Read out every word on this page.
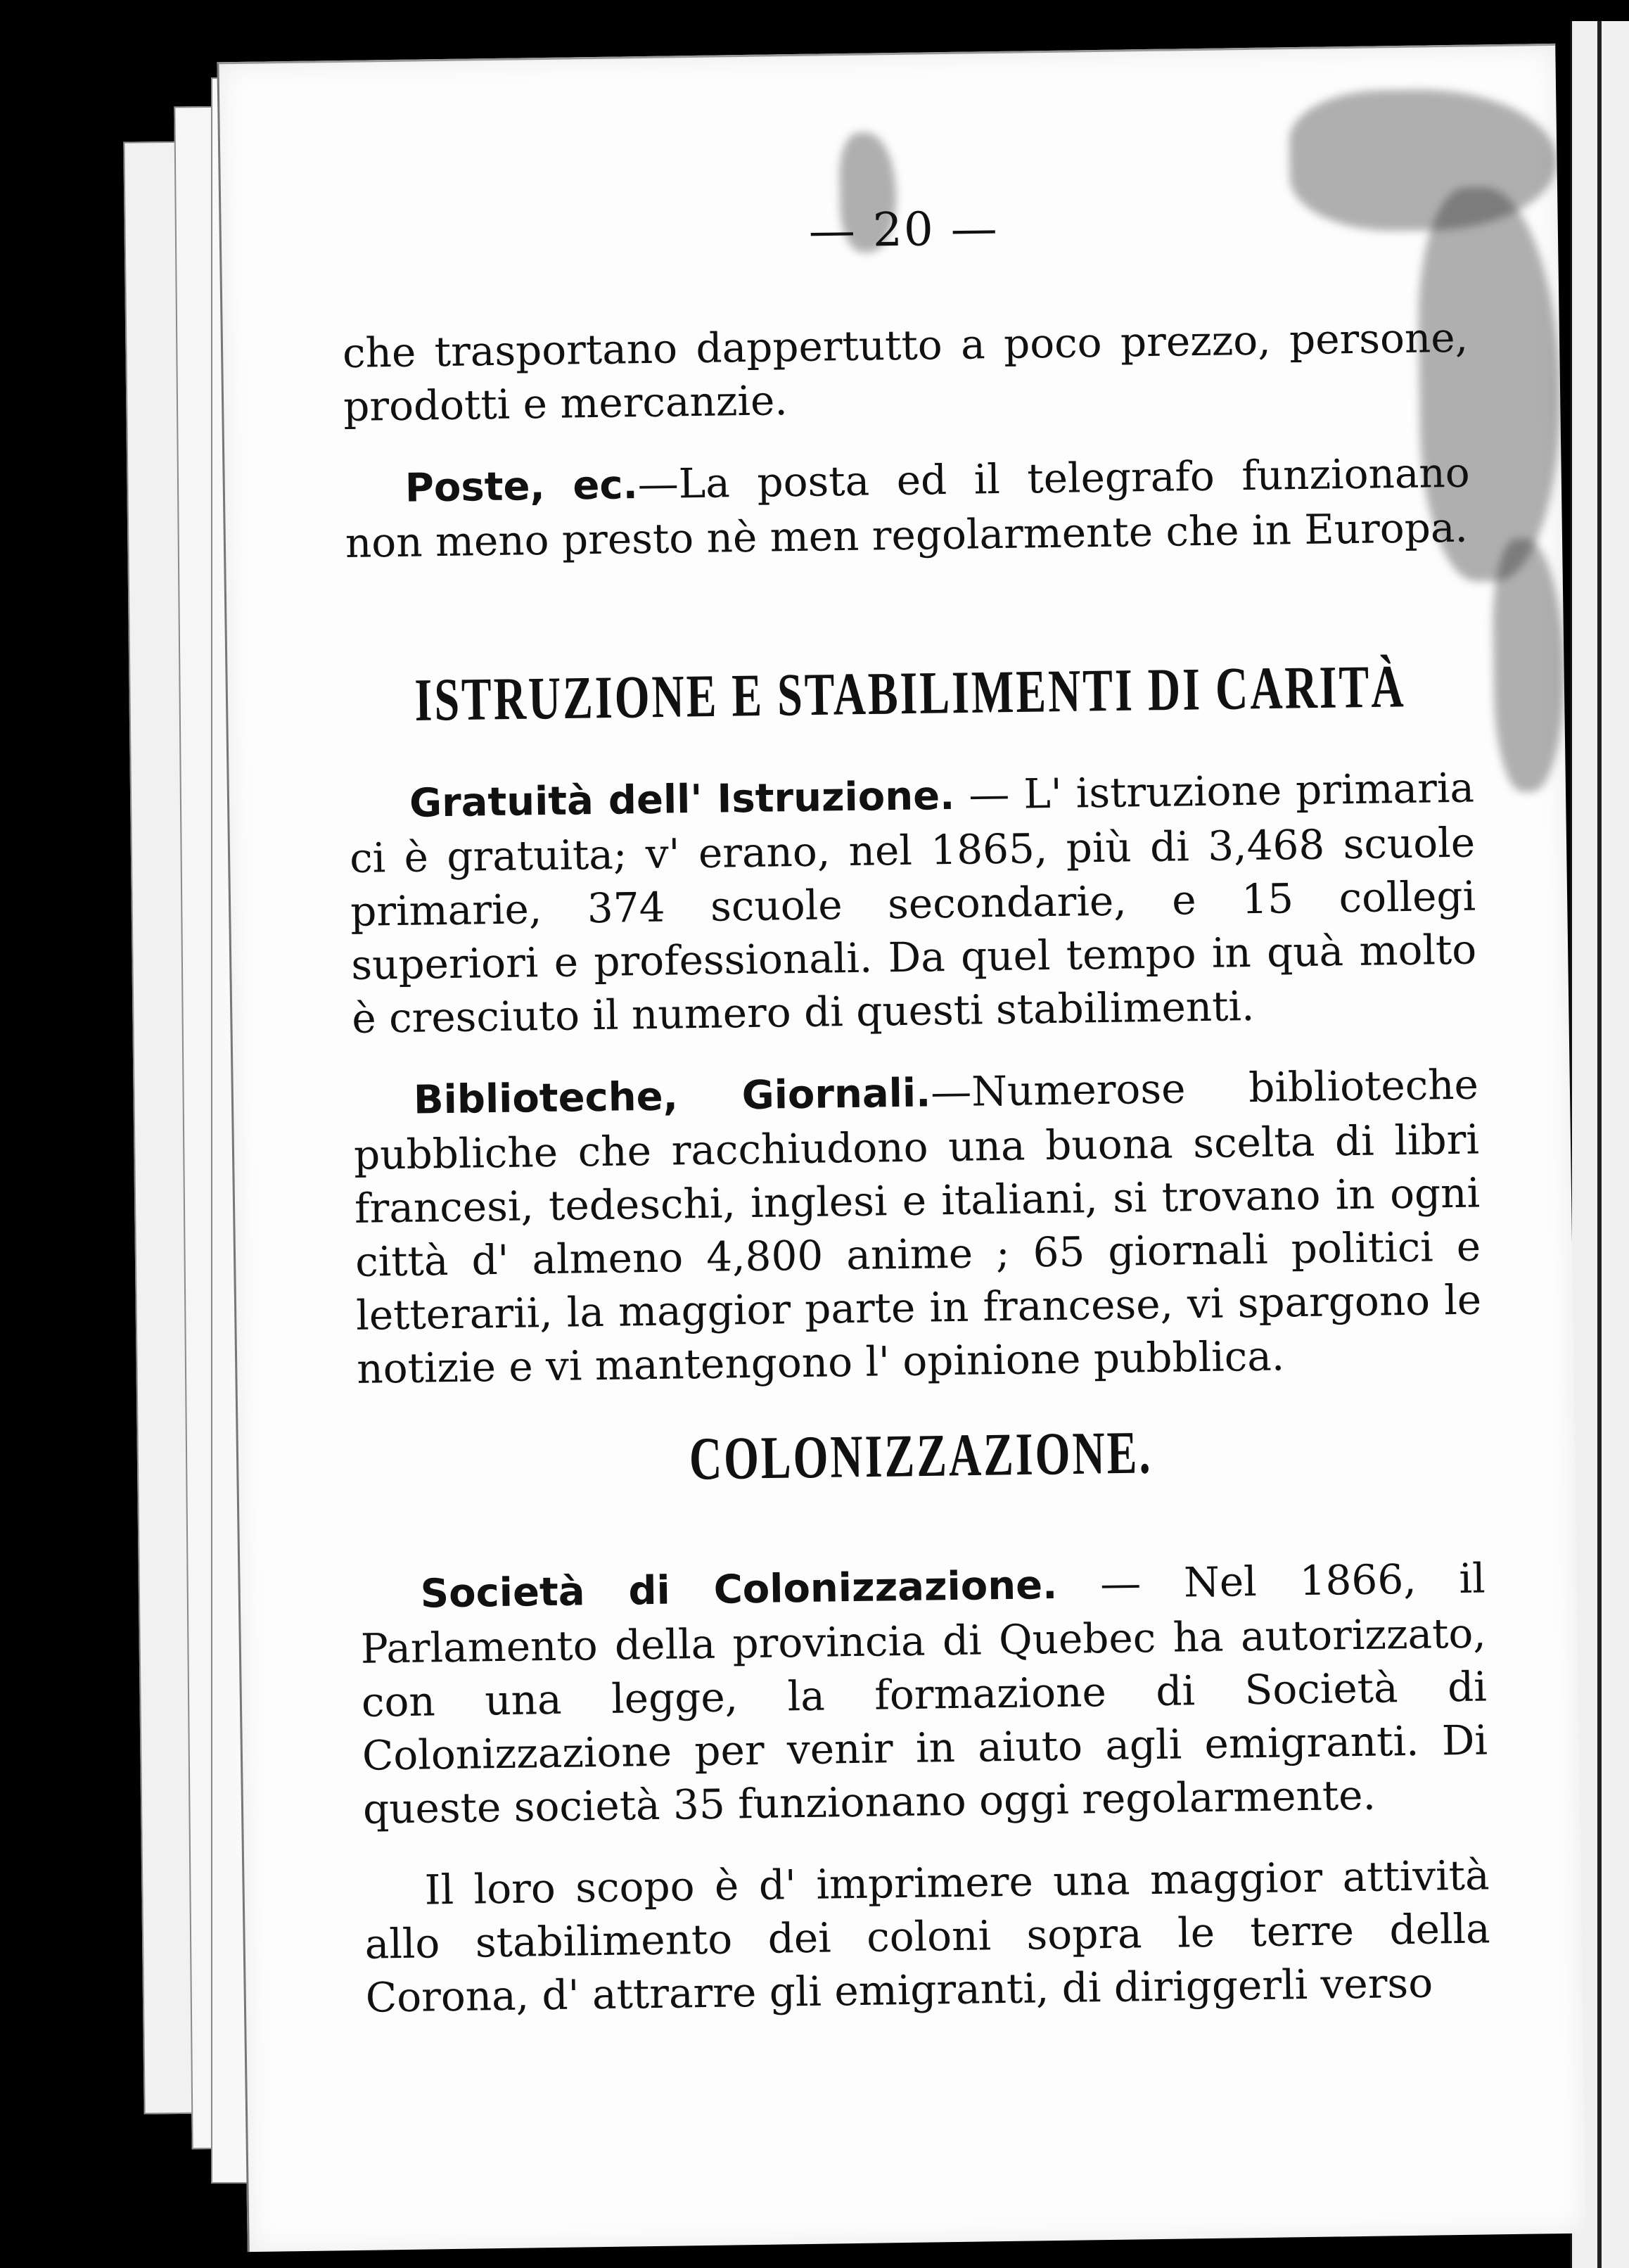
— 20 —

che trasportano dappertutto a poco prezzo, persone, prodotti e mercanzie.

Poste, ec.—La posta ed il telegrafo funzionano non meno presto nè men regolarmente che in Europa.

ISTRUZIONE E STABILIMENTI DI CARITÀ

Gratuità dell' Istruzione. — L' istruzione primaria ci è gratuita; v' erano, nel 1865, più di 3,468 scuole primarie, 374 scuole secondarie, e 15 collegi superiori e professionali. Da quel tempo in quà molto è cresciuto il numero di questi stabilimenti.

Biblioteche, Giornali.—Numerose biblioteche pubbliche che racchiudono una buona scelta di libri francesi, tedeschi, inglesi e italiani, si trovano in ogni città d' almeno 4,800 anime ; 65 giornali politici e letterarii, la maggior parte in francese, vi spargono le notizie e vi mantengono l' opinione pubblica.

COLONIZZAZIONE.

Società di Colonizzazione. — Nel 1866, il Parlamento della provincia di Quebec ha autorizzato, con una legge, la formazione di Società di Colonizzazione per venir in aiuto agli emigranti. Di queste società 35 funzionano oggi regolarmente.

Il loro scopo è d' imprimere una maggior attività allo stabilimento dei coloni sopra le terre della Corona, d' attrarre gli emigranti, di diriggerli verso
